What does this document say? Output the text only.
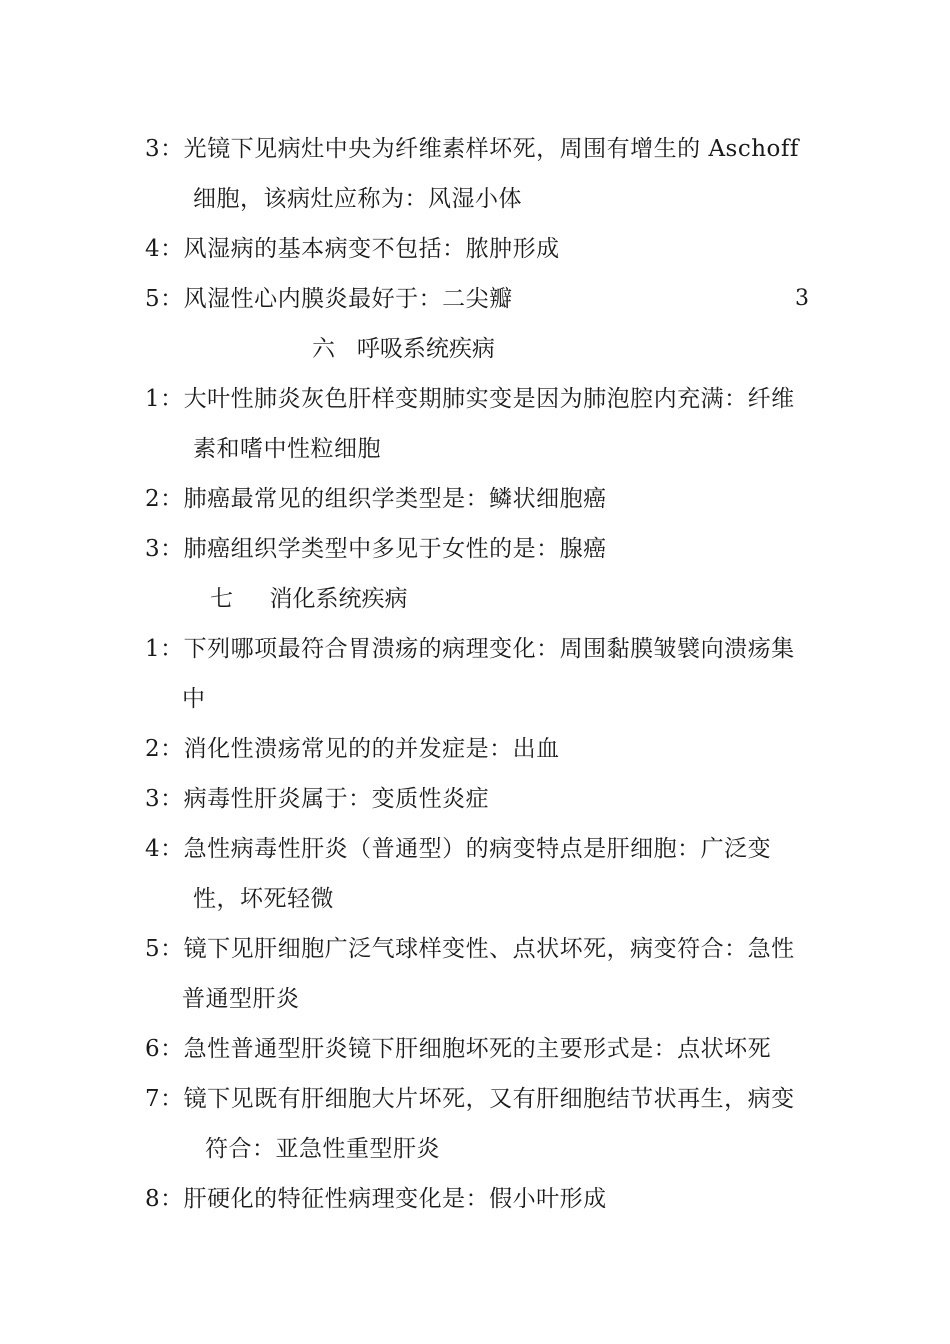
3：光镜下见病灶中央为纤维素样坏死，周围有增生的 Aschoff
细胞，该病灶应称为：风湿小体
4：风湿病的基本病变不包括：脓肿形成
5：风湿性心内膜炎最好于：二尖瓣	3
六   呼吸系统疾病
1：大叶性肺炎灰色肝样变期肺实变是因为肺泡腔内充满：纤维
素和嗜中性粒细胞
2：肺癌最常见的组织学类型是：鳞状细胞癌
3：肺癌组织学类型中多见于女性的是：腺癌
七     消化系统疾病
1：下列哪项最符合胃溃疡的病理变化：周围黏膜皱襞向溃疡集
中
2：消化性溃疡常见的的并发症是：出血
3：病毒性肝炎属于：变质性炎症
4：急性病毒性肝炎（普通型）的病变特点是肝细胞：广泛变
性，坏死轻微
5：镜下见肝细胞广泛气球样变性、点状坏死，病变符合：急性
普通型肝炎
6：急性普通型肝炎镜下肝细胞坏死的主要形式是：点状坏死
7：镜下见既有肝细胞大片坏死，又有肝细胞结节状再生，病变
符合：亚急性重型肝炎
8：肝硬化的特征性病理变化是：假小叶形成
